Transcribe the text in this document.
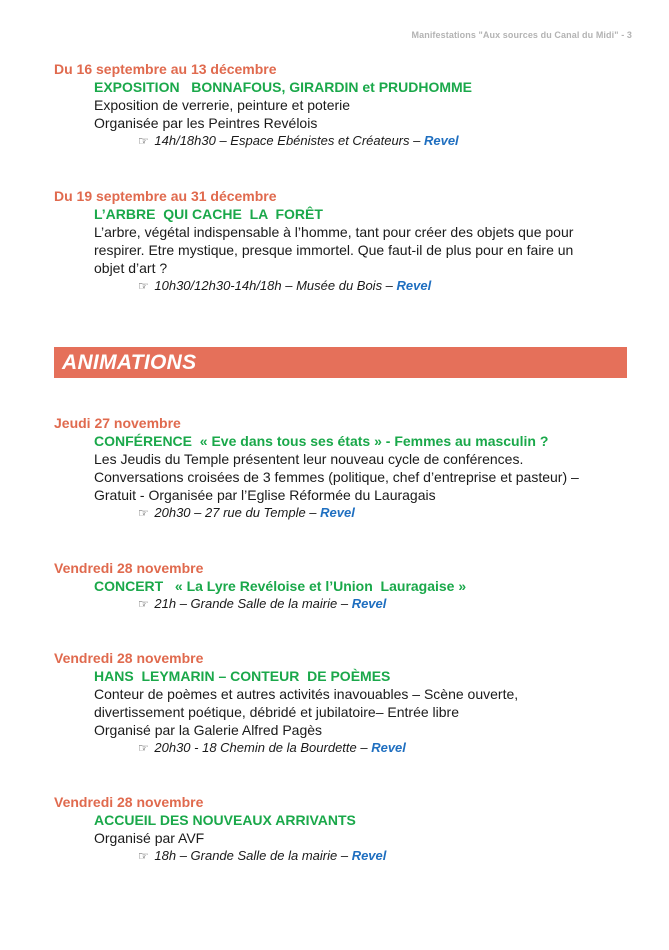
Manifestations "Aux sources du Canal du Midi" - 3
Du 16 septembre au 13 décembre
EXPOSITION   BONNAFOUS, GIRARDIN et PRUDHOMME
Exposition de verrerie, peinture et poterie
Organisée par les Peintres Revélois
☞ 14h/18h30 – Espace Ebénistes et Créateurs – Revel
Du 19 septembre au 31 décembre
L’ARBRE  QUI CACHE  LA  FORÊT
L’arbre, végétal indispensable à l’homme, tant pour créer des objets que pour
respirer. Etre mystique, presque immortel. Que faut-il de plus pour en faire un
objet d’art ?
☞ 10h30/12h30-14h/18h – Musée du Bois – Revel
ANIMATIONS
Jeudi 27 novembre
CONFÉRENCE  « Eve dans tous ses états » - Femmes au masculin ?
Les Jeudis du Temple présentent leur nouveau cycle de conférences.
Conversations croisées de 3 femmes (politique, chef d’entreprise et pasteur) –
Gratuit - Organisée par l’Eglise Réformée du Lauragais
☞ 20h30 – 27 rue du Temple – Revel
Vendredi 28 novembre
CONCERT   « La Lyre Revéloise et l’Union  Lauragaise »
☞ 21h – Grande Salle de la mairie – Revel
Vendredi 28 novembre
HANS  LEYMARIN – CONTEUR  DE POÈMES
Conteur de poèmes et autres activités inavouables – Scène ouverte,
divertissement poétique, débridé et jubilatoire– Entrée libre
Organisé par la Galerie Alfred Pagès
☞ 20h30 - 18 Chemin de la Bourdette – Revel
Vendredi 28 novembre
ACCUEIL DES NOUVEAUX ARRIVANTS
Organisé par AVF
☞ 18h – Grande Salle de la mairie – Revel
